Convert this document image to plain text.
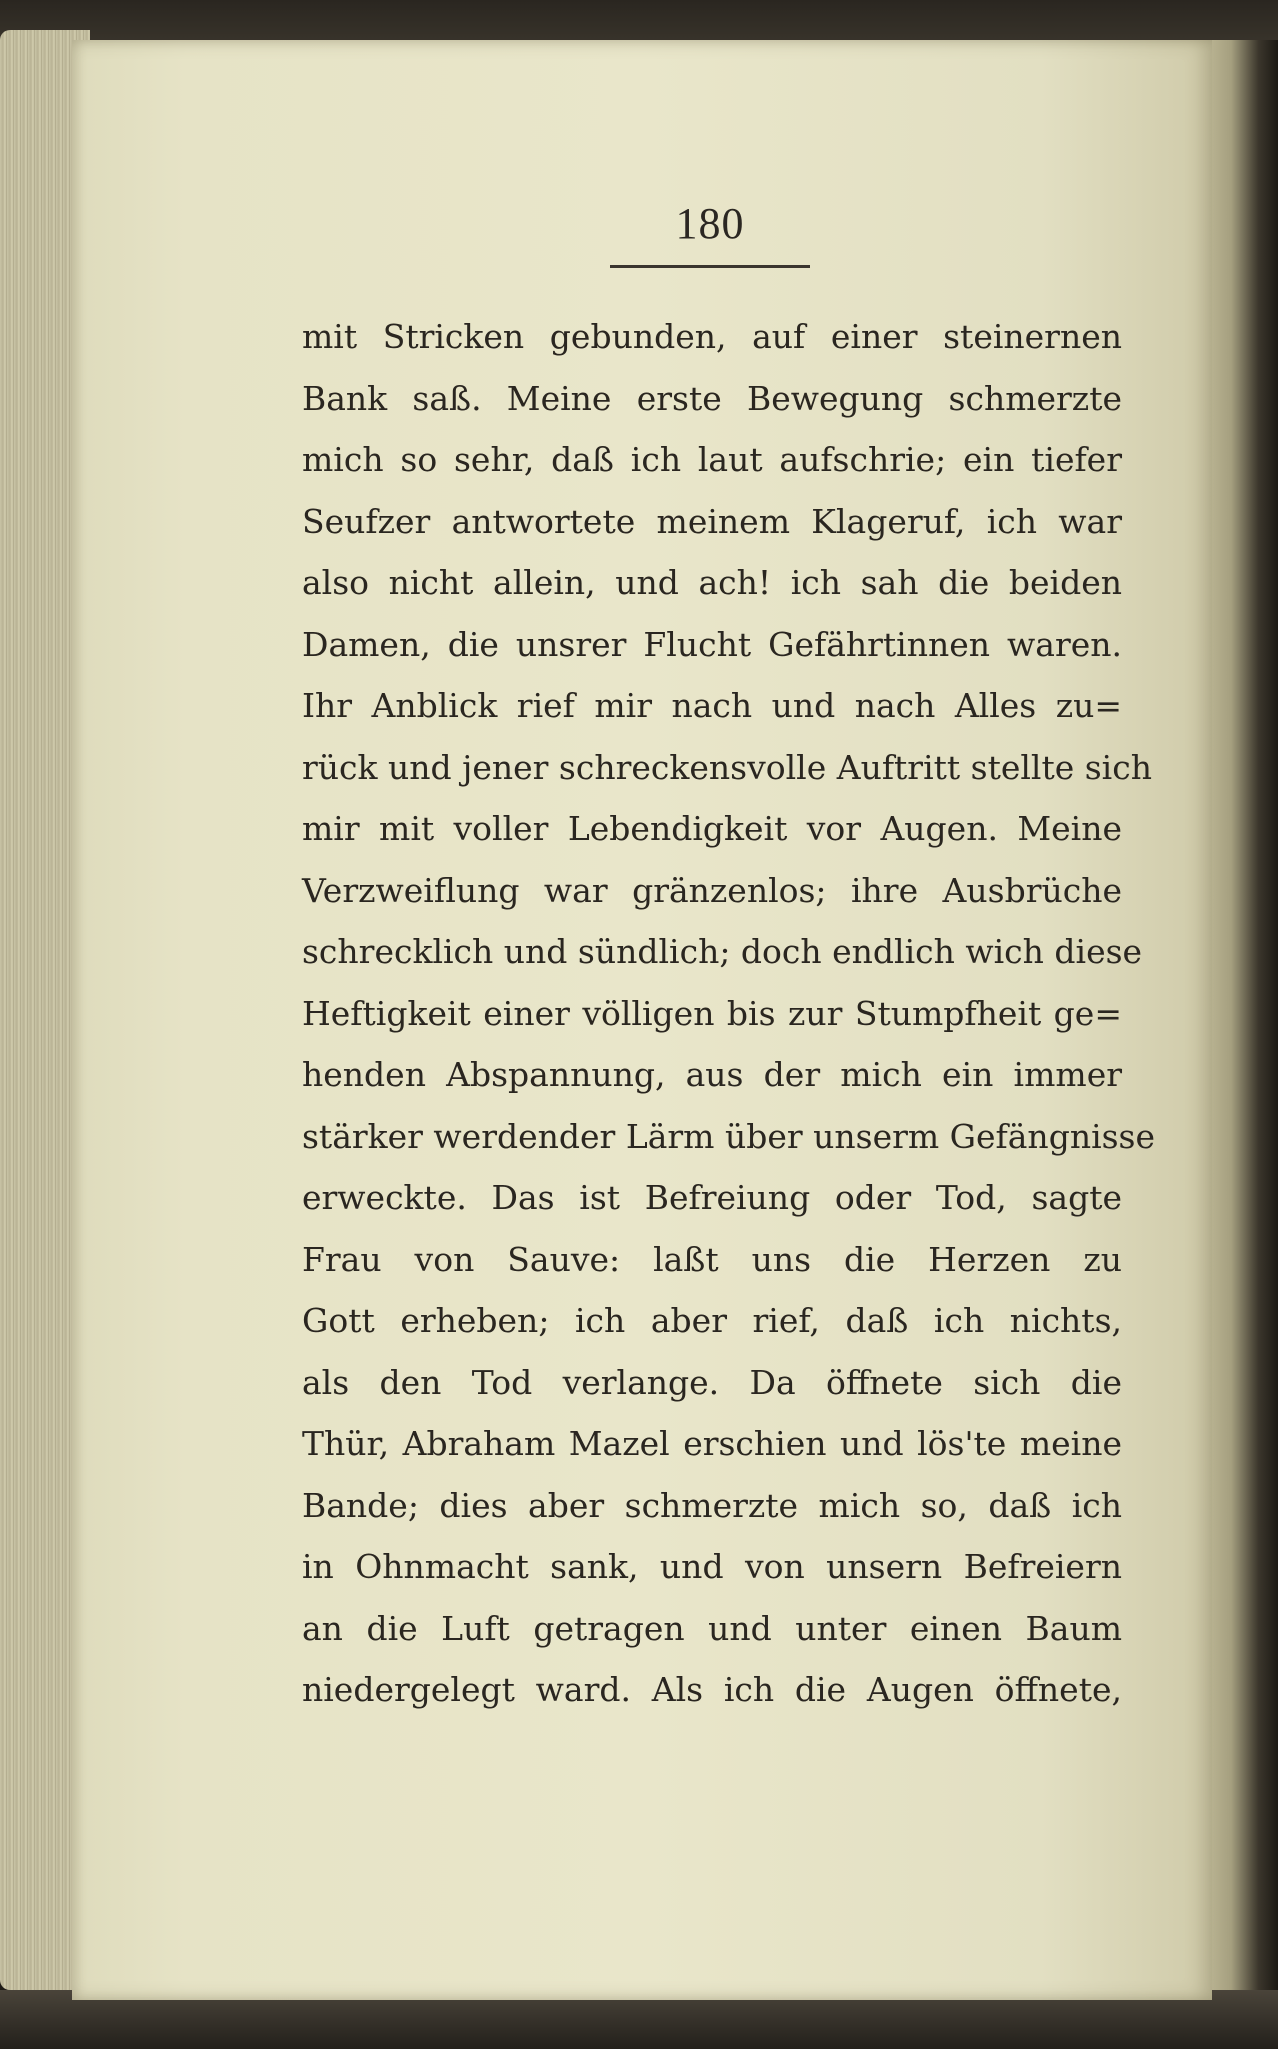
180
mit Stricken gebunden, auf einer steinernen
Bank saß. Meine erste Bewegung schmerzte
mich so sehr, daß ich laut aufschrie; ein tiefer
Seufzer antwortete meinem Klageruf, ich war
also nicht allein, und ach! ich sah die beiden
Damen, die unsrer Flucht Gefährtinnen waren.
Ihr Anblick rief mir nach und nach Alles zu=
rück und jener schreckensvolle Auftritt stellte sich
mir mit voller Lebendigkeit vor Augen. Meine
Verzweiflung war gränzenlos; ihre Ausbrüche
schrecklich und sündlich; doch endlich wich diese
Heftigkeit einer völligen bis zur Stumpfheit ge=
henden Abspannung, aus der mich ein immer
stärker werdender Lärm über unserm Gefängnisse
erweckte. Das ist Befreiung oder Tod, sagte
Frau von Sauve: laßt uns die Herzen zu
Gott erheben; ich aber rief, daß ich nichts,
als den Tod verlange. Da öffnete sich die
Thür, Abraham Mazel erschien und lös'te meine
Bande; dies aber schmerzte mich so, daß ich
in Ohnmacht sank, und von unsern Befreiern
an die Luft getragen und unter einen Baum
niedergelegt ward. Als ich die Augen öffnete,
